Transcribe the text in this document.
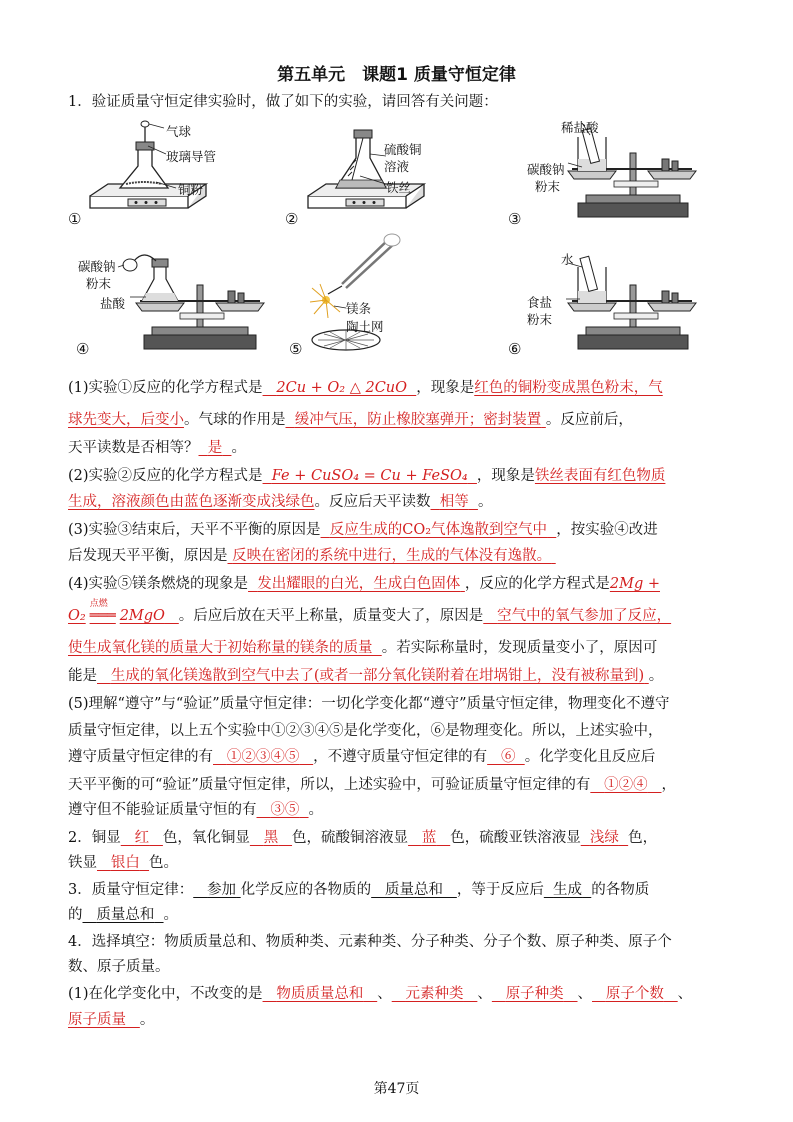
第五单元　课题1 质量守恒定律
1．验证质量守恒定律实验时，做了如下的实验，请回答有关问题：
气球
玻璃导管
铜粉
①
硫酸铜
溶液
铁丝
②
稀盐酸
碳酸钠
粉末
③
碳酸钠
粉末
盐酸
④
镁条
陶土网
⑤
水
食盐
粉末
⑥
(1)实验①反应的化学方程式是 2Cu + O₂ △ 2CuO ，现象是红色的铜粉变成黑色粉末，气
球先变大，后变小。气球的作用是 缓冲气压，防止橡胶塞弹开；密封装置 。反应前后，
天平读数是否相等？ 是 。
(2)实验②反应的化学方程式是 Fe + CuSO₄ = Cu + FeSO₄ ，现象是铁丝表面有红色物质
生成，溶液颜色由蓝色逐渐变成浅绿色。反应后天平读数 相等 。
(3)实验③结束后，天平不平衡的原因是 反应生成的CO₂气体逸散到空气中 ，按实验④改进
后发现天平平衡，原因是 反映在密闭的系统中进行，生成的气体没有逸散。
(4)实验⑤镁条燃烧的现象是 发出耀眼的白光，生成白色固体 ，反应的化学方程式是2Mg +
O₂
点燃
═══ 2MgO 。后应后放在天平上称量，质量变大了，原因是 空气中的氧气参加了反应，
使生成氧化镁的质量大于初始称量的镁条的质量 。若实际称量时，发现质量变小了，原因可
能是 生成的氧化镁逸散到空气中去了(或者一部分氧化镁附着在坩埚钳上，没有被称量到) 。
(5)理解“遵守”与“验证”质量守恒定律：一切化学变化都“遵守”质量守恒定律，物理变化不遵守
质量守恒定律，以上五个实验中①②③④⑤是化学变化，⑥是物理变化。所以，上述实验中，
遵守质量守恒定律的有 ①②③④⑤ ，不遵守质量守恒定律的有 ⑥ 。化学变化且反应后
天平平衡的可“验证”质量守恒定律，所以，上述实验中，可验证质量守恒定律的有 ①②④ ，
遵守但不能验证质量守恒的有 ③⑤ 。
2．铜显 红 色，氧化铜显 黑 色，硫酸铜溶液显 蓝 色，硫酸亚铁溶液显 浅绿 色，
铁显 银白 色。
3．质量守恒定律： 参加 化学反应的各物质的 质量总和 ，等于反应后 生成 的各物质
的 质量总和 。
4．选择填空：物质质量总和、物质种类、元素种类、分子种类、分子个数、原子种类、原子个
数、原子质量。
(1)在化学变化中，不改变的是 物质质量总和 、 元素种类 、 原子种类 、 原子个数 、
原子质量 。
第47页
